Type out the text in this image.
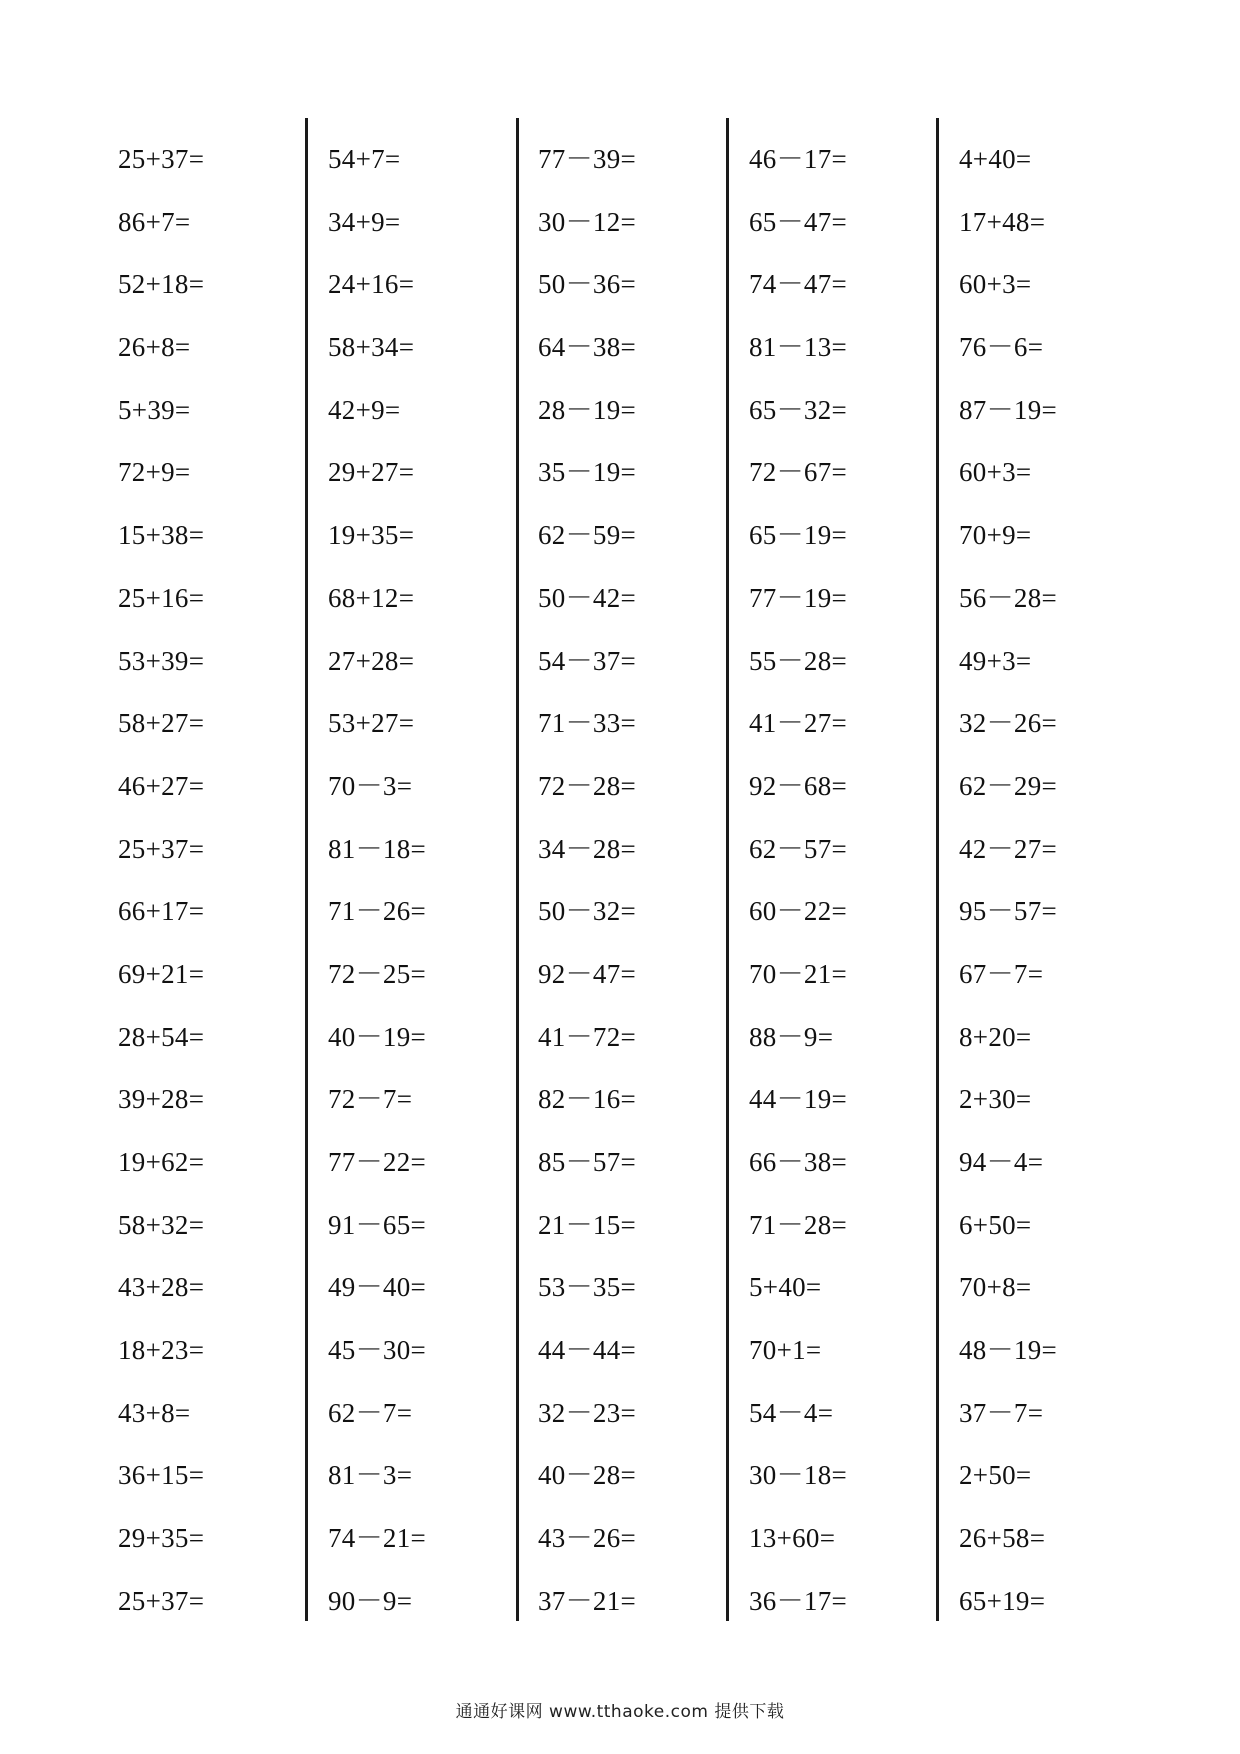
25+37=
86+7=
52+18=
26+8=
5+39=
72+9=
15+38=
25+16=
53+39=
58+27=
46+27=
25+37=
66+17=
69+21=
28+54=
39+28=
19+62=
58+32=
43+28=
18+23=
43+8=
36+15=
29+35=
25+37=
54+7=
34+9=
24+16=
58+34=
42+9=
29+27=
19+35=
68+12=
27+28=
53+27=
70－3=
81－18=
71－26=
72－25=
40－19=
72－7=
77－22=
91－65=
49－40=
45－30=
62－7=
81－3=
74－21=
90－9=
77－39=
30－12=
50－36=
64－38=
28－19=
35－19=
62－59=
50－42=
54－37=
71－33=
72－28=
34－28=
50－32=
92－47=
41－72=
82－16=
85－57=
21－15=
53－35=
44－44=
32－23=
40－28=
43－26=
37－21=
46－17=
65－47=
74－47=
81－13=
65－32=
72－67=
65－19=
77－19=
55－28=
41－27=
92－68=
62－57=
60－22=
70－21=
88－9=
44－19=
66－38=
71－28=
5+40=
70+1=
54－4=
30－18=
13+60=
36－17=
4+40=
17+48=
60+3=
76－6=
87－19=
60+3=
70+9=
56－28=
49+3=
32－26=
62－29=
42－27=
95－57=
67－7=
8+20=
2+30=
94－4=
6+50=
70+8=
48－19=
37－7=
2+50=
26+58=
65+19=
通通好课网 www.tthaoke.com 提供下载
